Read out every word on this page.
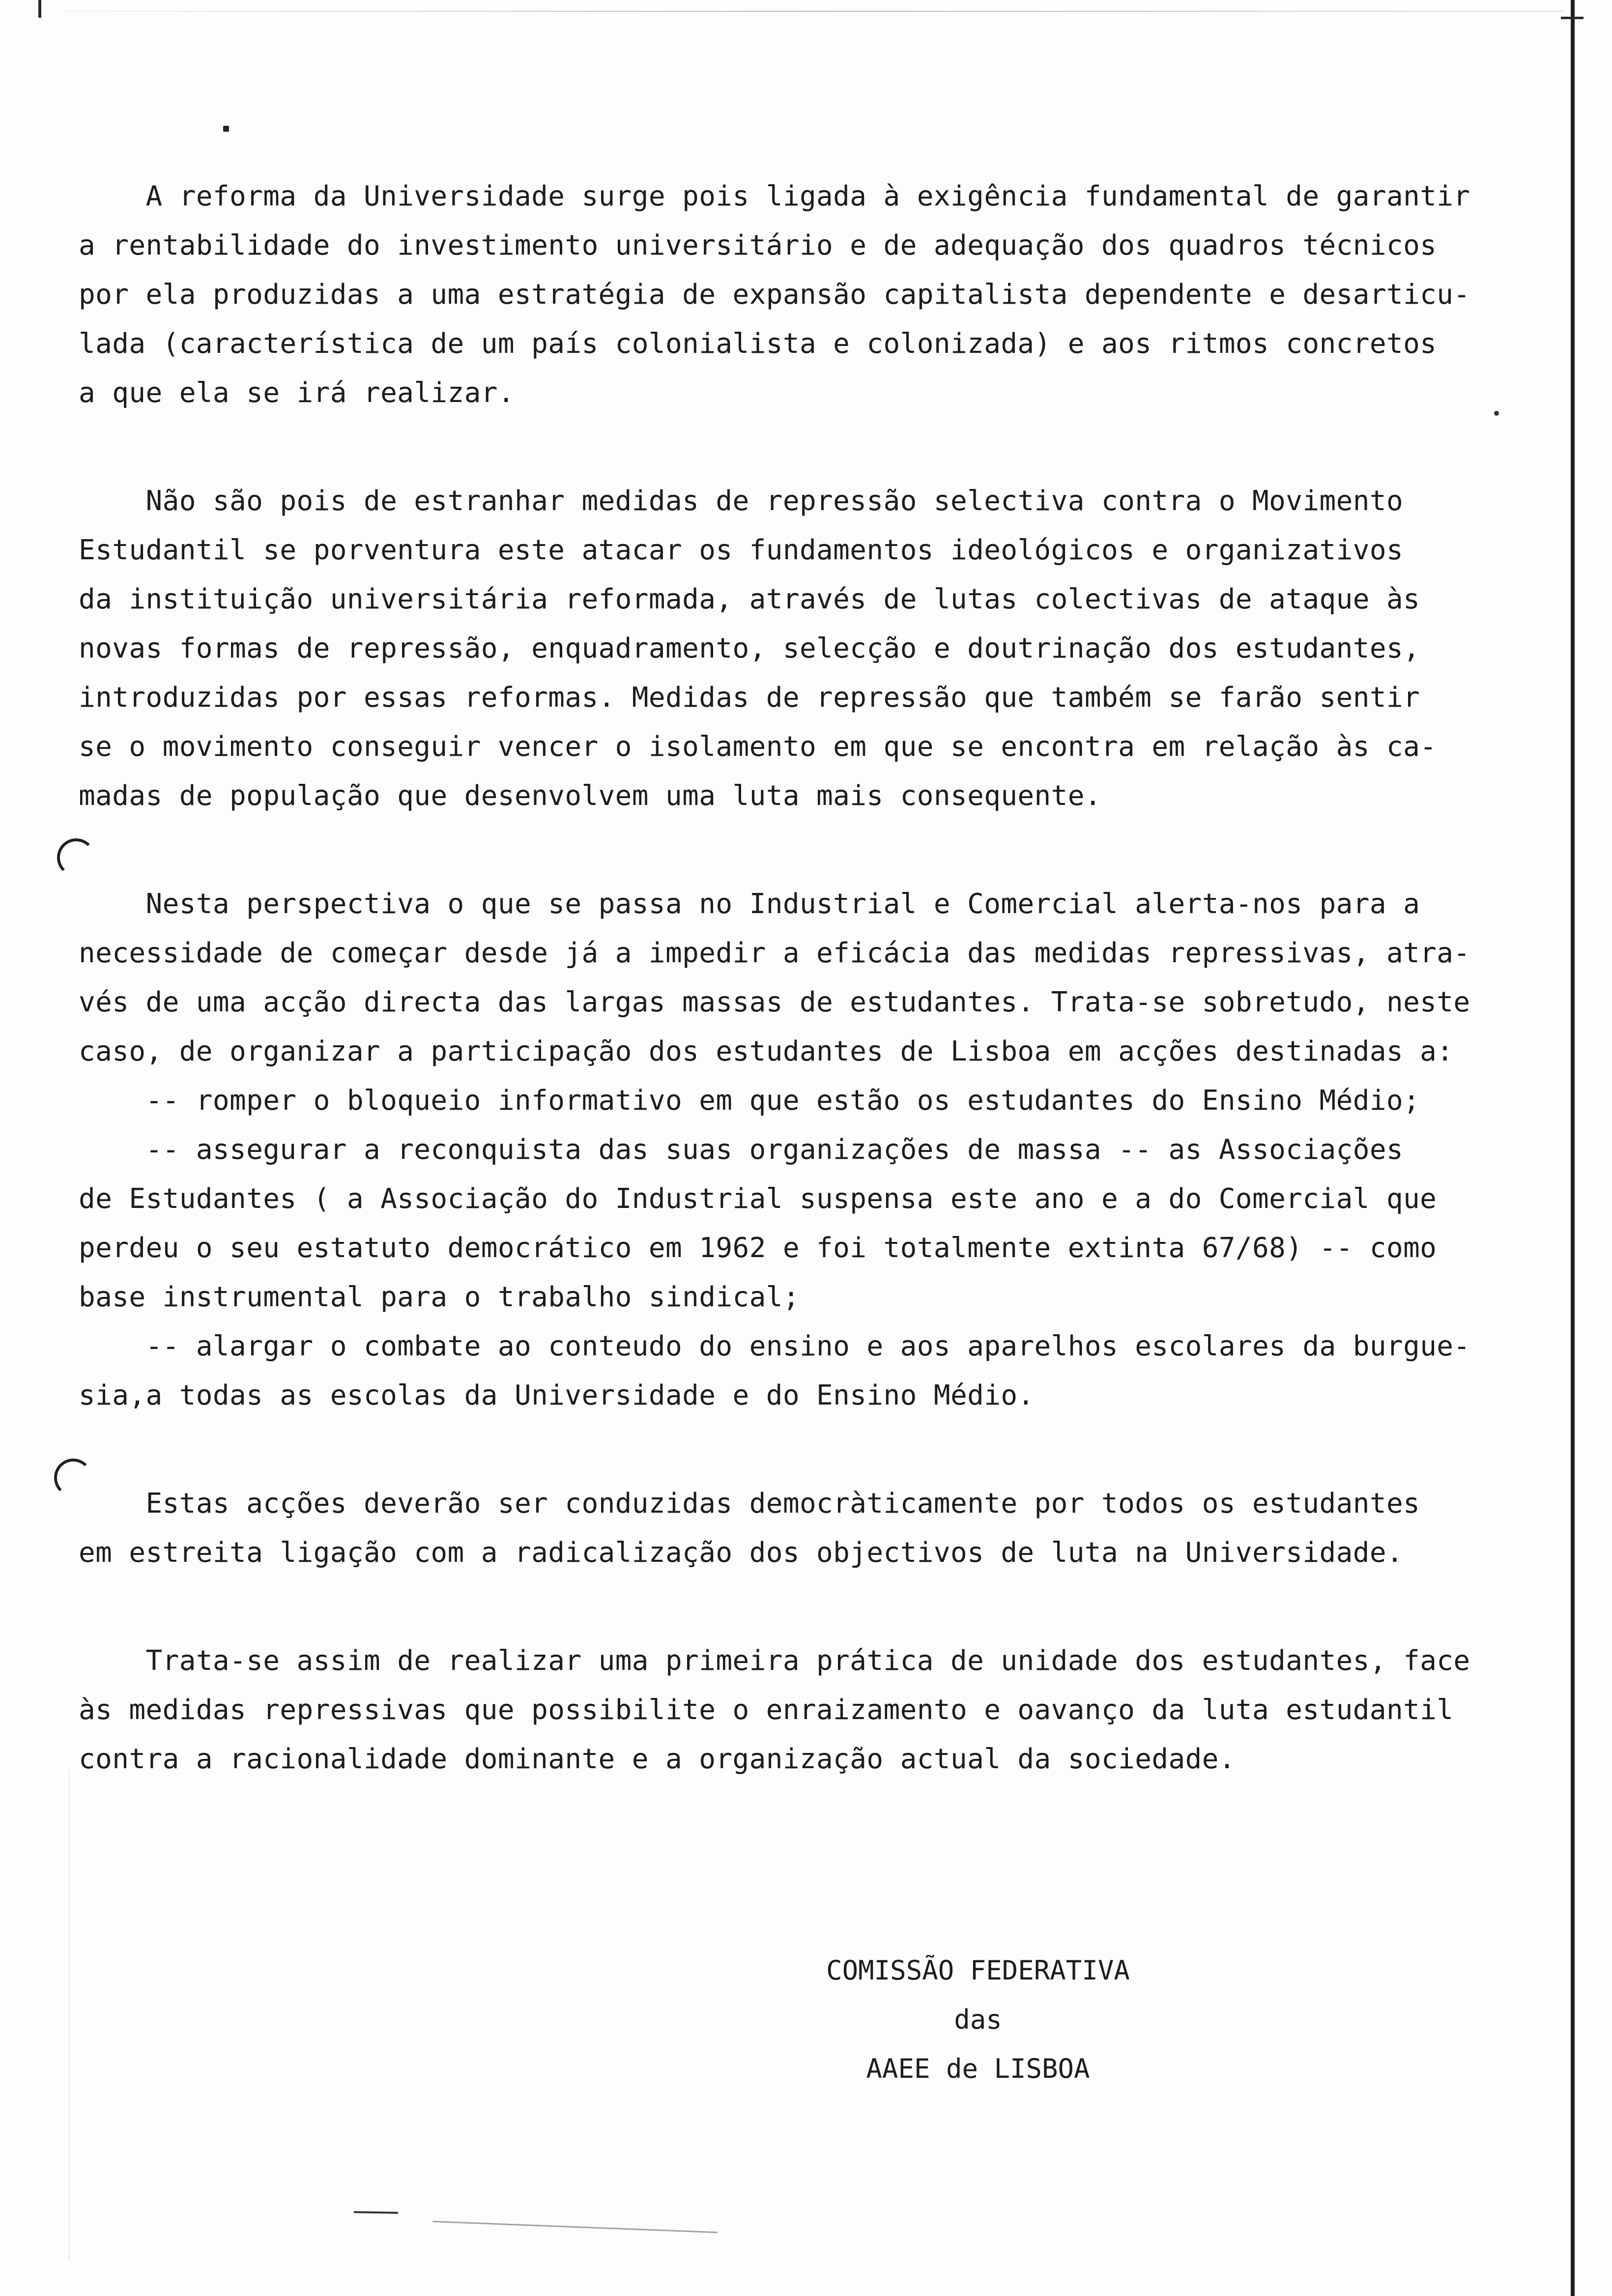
A reforma da Universidade surge pois ligada à exigência fundamental de garantir
a rentabilidade do investimento universitário e de adequação dos quadros técnicos
por ela produzidas a uma estratégia de expansão capitalista dependente e desarticu-
lada (característica de um país colonialista e colonizada) e aos ritmos concretos
a que ela se irá realizar.

Não são pois de estranhar medidas de repressão selectiva contra o Movimento
Estudantil se porventura este atacar os fundamentos ideológicos e organizativos
da instituição universitária reformada, através de lutas colectivas de ataque às
novas formas de repressão, enquadramento, selecção e doutrinação dos estudantes,
introduzidas por essas reformas. Medidas de repressão que também se farão sentir
se o movimento conseguir vencer o isolamento em que se encontra em relação às ca-
madas de população que desenvolvem uma luta mais consequente.

Nesta perspectiva o que se passa no Industrial e Comercial alerta-nos para a
necessidade de começar desde já a impedir a eficácia das medidas repressivas, atra-
vés de uma acção directa das largas massas de estudantes. Trata-se sobretudo, neste
caso, de organizar a participação dos estudantes de Lisboa em acções destinadas a:
-- romper o bloqueio informativo em que estão os estudantes do Ensino Médio;
-- assegurar a reconquista das suas organizações de massa -- as Associações
de Estudantes ( a Associação do Industrial suspensa este ano e a do Comercial que
perdeu o seu estatuto democrático em 1962 e foi totalmente extinta 67/68) -- como
base instrumental para o trabalho sindical;
-- alargar o combate ao conteudo do ensino e aos aparelhos escolares da burgue-
sia,a todas as escolas da Universidade e do Ensino Médio.

Estas acções deverão ser conduzidas democràticamente por todos os estudantes
em estreita ligação com a radicalização dos objectivos de luta na Universidade.

Trata-se assim de realizar uma primeira prática de unidade dos estudantes, face
às medidas repressivas que possibilite o enraizamento e oavanço da luta estudantil
contra a racionalidade dominante e a organização actual da sociedade.

COMISSÃO FEDERATIVA
das
AAEE de LISBOA
